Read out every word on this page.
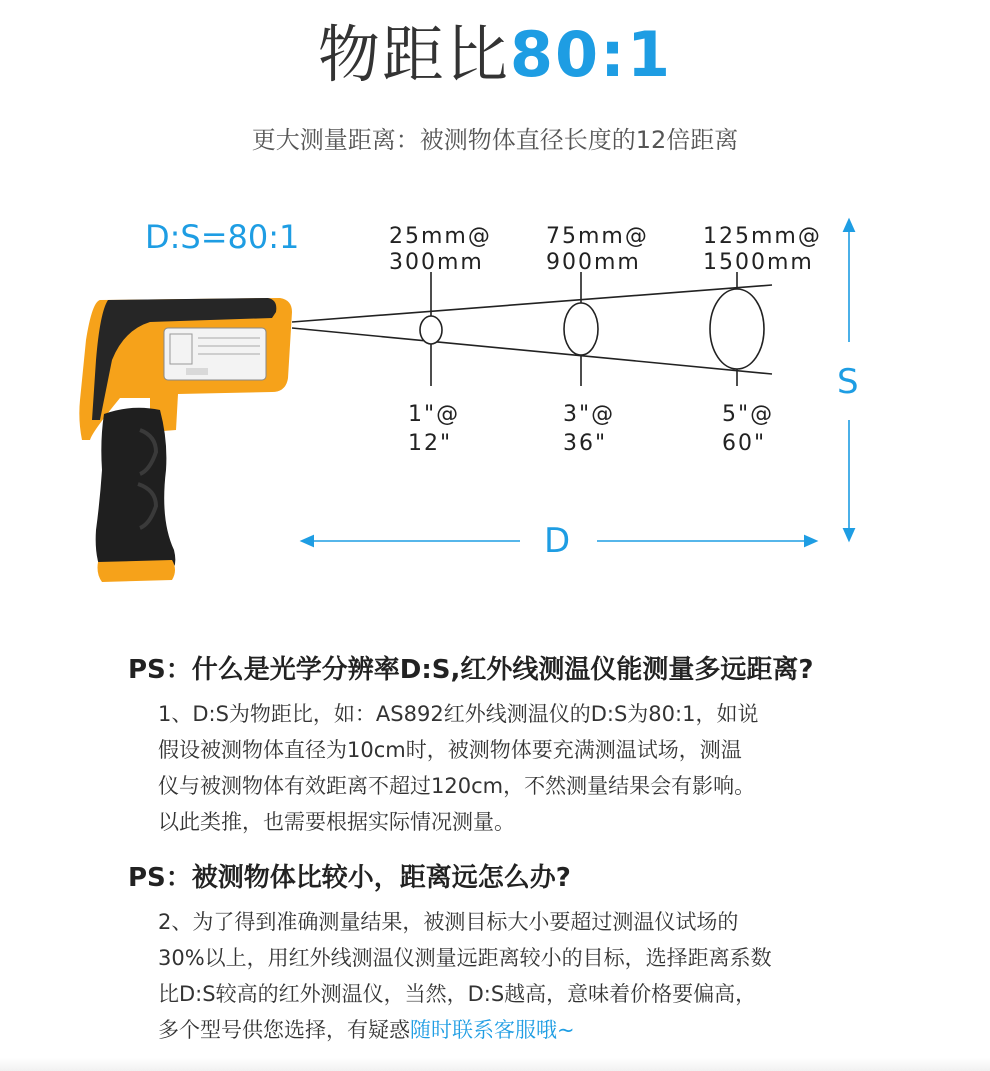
物距比80:1
更大测量距离：被测物体直径长度的12倍距离
D:S=80:1	25mm@
300mm
75mm@
900mm
125mm@
1500mm
1"@
12"
3"@
36"
5"@
60"
D
S
PS：什么是光学分辨率D:S,红外线测温仪能测量多远距离?

1、D:S为物距比，如：AS892红外线测温仪的D:S为80:1，如说
假设被测物体直径为10cm时，被测物体要充满测温试场，测温
仪与被测物体有效距离不超过120cm，不然测量结果会有影响。
以此类推，也需要根据实际情况测量。

PS：被测物体比较小，距离远怎么办?

2、为了得到准确测量结果，被测目标大小要超过测温仪试场的
30%以上，用红外线测温仪测量远距离较小的目标，选择距离系数
比D:S较高的红外测温仪，当然，D:S越高，意味着价格要偏高，
多个型号供您选择，有疑惑随时联系客服哦~
